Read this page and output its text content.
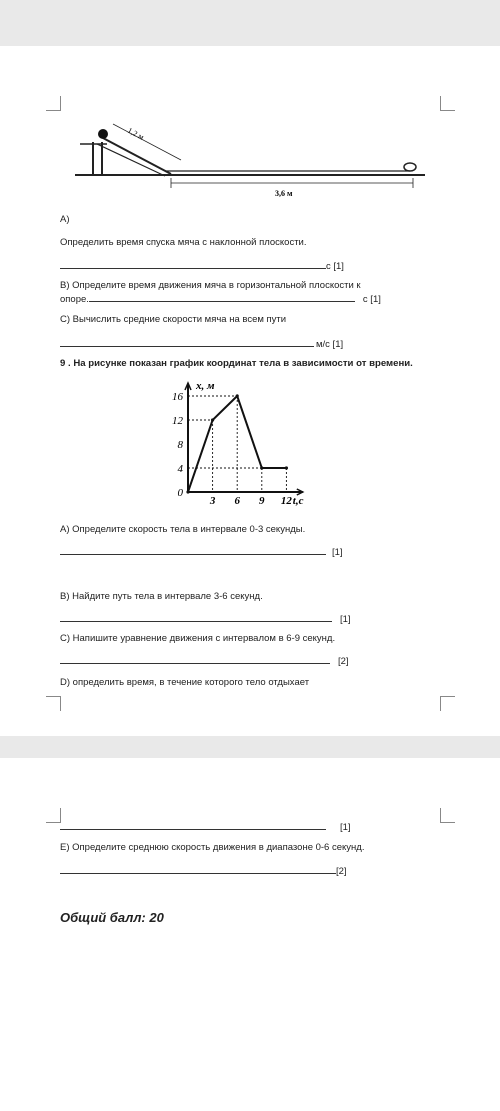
1,2 м
3,6 м
А)
Определить время спуска мяча с наклонной плоскости.
с [1]
В) Определите время движения мяча в горизонтальной плоскости к
опоре.	с [1]
С) Вычислить средние скорости мяча на всем пути
м/с [1]
9 . На рисунке показан график координат тела в зависимости от времени.
3 6 9 12
16
12
8
4
0
x, м
t,c
А) Определите скорость тела в интервале 0-3 секунды.
[1]
В) Найдите путь тела в интервале 3-6 секунд.
[1]
С) Напишите уравнение движения с интервалом в 6-9 секунд.
[2]
D) определить время, в течение которого тело отдыхает
[1]
Е) Определите среднюю скорость движения в диапазоне 0-6 секунд.
[2]
Общий балл: 20
